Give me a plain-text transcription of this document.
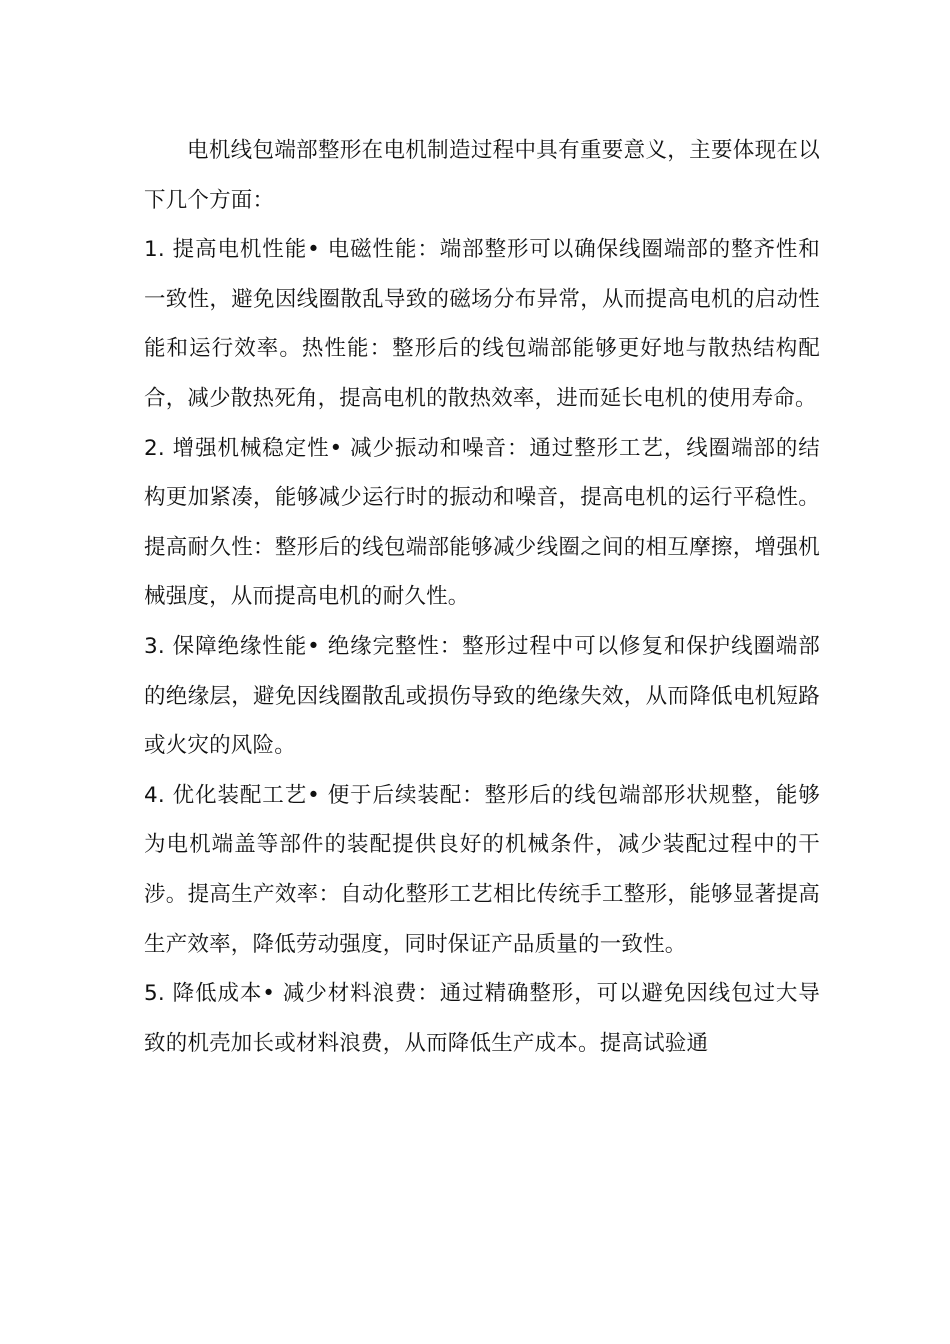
电机线包端部整形在电机制造过程中具有重要意义，主要体现在以下几个方面：

1. 提高电机性能• 电磁性能：端部整形可以确保线圈端部的整齐性和一致性，避免因线圈散乱导致的磁场分布异常，从而提高电机的启动性能和运行效率。热性能：整形后的线包端部能够更好地与散热结构配合，减少散热死角，提高电机的散热效率，进而延长电机的使用寿命。

2. 增强机械稳定性• 减少振动和噪音：通过整形工艺，线圈端部的结构更加紧凑，能够减少运行时的振动和噪音，提高电机的运行平稳性。提高耐久性：整形后的线包端部能够减少线圈之间的相互摩擦，增强机械强度，从而提高电机的耐久性。

3. 保障绝缘性能• 绝缘完整性：整形过程中可以修复和保护线圈端部的绝缘层，避免因线圈散乱或损伤导致的绝缘失效，从而降低电机短路或火灾的风险。

4. 优化装配工艺• 便于后续装配：整形后的线包端部形状规整，能够为电机端盖等部件的装配提供良好的机械条件，减少装配过程中的干涉。提高生产效率：自动化整形工艺相比传统手工整形，能够显著提高生产效率，降低劳动强度，同时保证产品质量的一致性。

5. 降低成本• 减少材料浪费：通过精确整形，可以避免因线包过大导致的机壳加长或材料浪费，从而降低生产成本。提高试验通
